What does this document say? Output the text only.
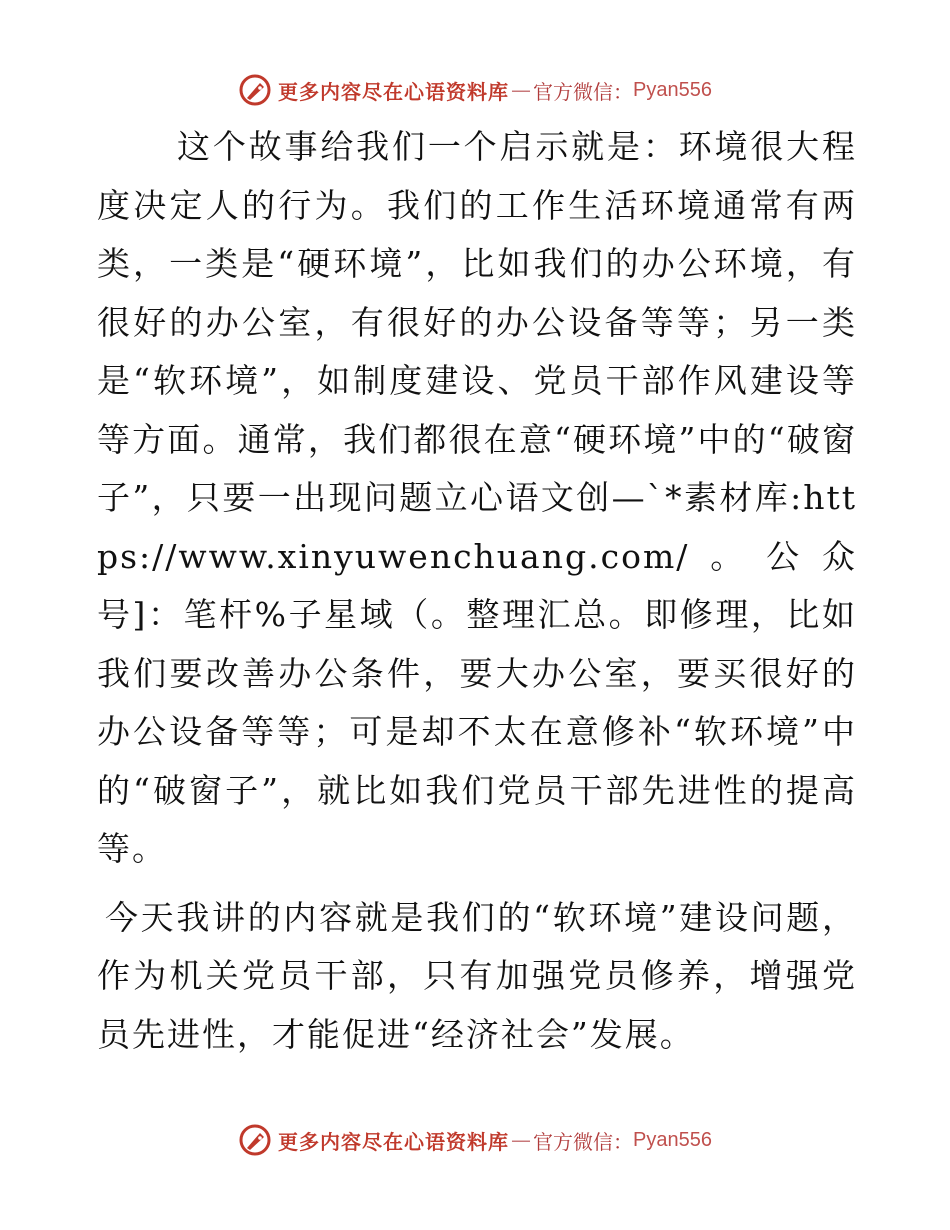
更多内容尽在心语资料库 — 官方微信： Pyan556

这个故事给我们一个启示就是：环境很大程度决定人的行为。我们的工作生活环境通常有两类，一类是“硬环境”，比如我们的办公环境，有很好的办公室，有很好的办公设备等等；另一类是“软环境”，如制度建设、党员干部作风建设等等方面。通常，我们都很在意“硬环境”中的“破窗子”，只要一出现问题立心语文创—`*素材库:https://www.xinyuwenchuang.com/。公众号]：笔杆%子星域（。整理汇总。即修理，比如我们要改善办公条件，要大办公室，要买很好的办公设备等等；可是却不太在意修补“软环境”中的“破窗子”，就比如我们党员干部先进性的提高等。

今天我讲的内容就是我们的“软环境”建设问题，作为机关党员干部，只有加强党员修养，增强党员先进性，才能促进“经济社会”发展。

更多内容尽在心语资料库 — 官方微信： Pyan556
